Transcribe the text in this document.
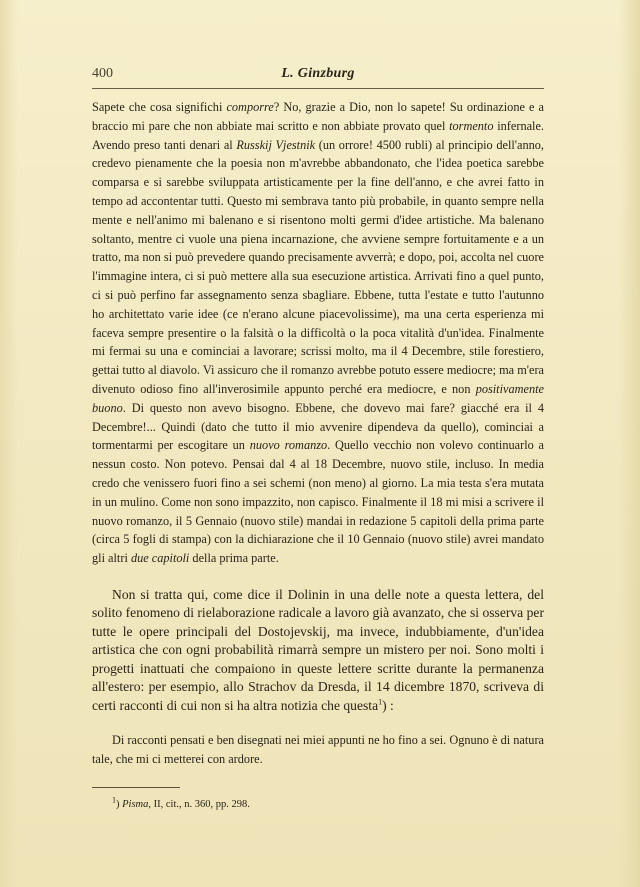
400	L. Ginzburg

Sapete che cosa significhi comporre? No, grazie a Dio, non lo sapete! Su ordinazione e a braccio mi pare che non abbiate mai scritto e non abbiate provato quel tormento infernale. Avendo preso tanti denari al Russkij Vjestnik (un orrore! 4500 rubli) al principio dell'anno, credevo pienamente che la poesia non m'avrebbe abbandonato, che l'idea poetica sarebbe comparsa e si sarebbe sviluppata artisticamente per la fine dell'anno, e che avrei fatto in tempo ad accontentar tutti. Questo mi sembrava tanto più probabile, in quanto sempre nella mente e nell'animo mi balenano e si risentono molti germi d'idee artistiche. Ma balenano soltanto, mentre ci vuole una piena incarnazione, che avviene sempre fortuitamente e a un tratto, ma non si può prevedere quando precisamente avverrà; e dopo, poi, accolta nel cuore l'immagine intera, ci si può mettere alla sua esecuzione artistica. Arrivati fino a quel punto, ci si può perfino far assegnamento senza sbagliare. Ebbene, tutta l'estate e tutto l'autunno ho architettato varie idee (ce n'erano alcune piacevolissime), ma una certa esperienza mi faceva sempre presentire o la falsità o la difficoltà o la poca vitalità d'un'idea. Finalmente mi fermai su una e cominciai a lavorare; scrissi molto, ma il 4 Decembre, stile forestiero, gettai tutto al diavolo. Vi assicuro che il romanzo avrebbe potuto essere mediocre; ma m'era divenuto odioso fino all'inverosimile appunto perché era mediocre, e non positivamente buono. Di questo non avevo bisogno. Ebbene, che dovevo mai fare? giacché era il 4 Decembre!... Quindi (dato che tutto il mio avvenire dipendeva da quello), cominciai a tormentarmi per escogitare un nuovo romanzo. Quello vecchio non volevo continuarlo a nessun costo. Non potevo. Pensai dal 4 al 18 Decembre, nuovo stile, incluso. In media credo che venissero fuori fino a sei schemi (non meno) al giorno. La mia testa s'era mutata in un mulino. Come non sono impazzito, non capisco. Finalmente il 18 mi misi a scrivere il nuovo romanzo, il 5 Gennaio (nuovo stile) mandai in redazione 5 capitoli della prima parte (circa 5 fogli di stampa) con la dichiarazione che il 10 Gennaio (nuovo stile) avrei mandato gli altri due capitoli della prima parte.

Non si tratta qui, come dice il Dolinin in una delle note a questa lettera, del solito fenomeno di rielaborazione radicale a lavoro già avanzato, che si osserva per tutte le opere principali del Dostojevskij, ma invece, indubbiamente, d'un'idea artistica che con ogni probabilità rimarrà sempre un mistero per noi. Sono molti i progetti inattuati che compaiono in queste lettere scritte durante la permanenza all'estero: per esempio, allo Strachov da Dresda, il 14 dicembre 1870, scriveva di certi racconti di cui non si ha altra notizia che questa$^1$) :

Di racconti pensati e ben disegnati nei miei appunti ne ho fino a sei. Ognuno è di natura tale, che mi ci metterei con ardore.

$^1$) Pisma, II, cit., n. 360, pp. 298.
